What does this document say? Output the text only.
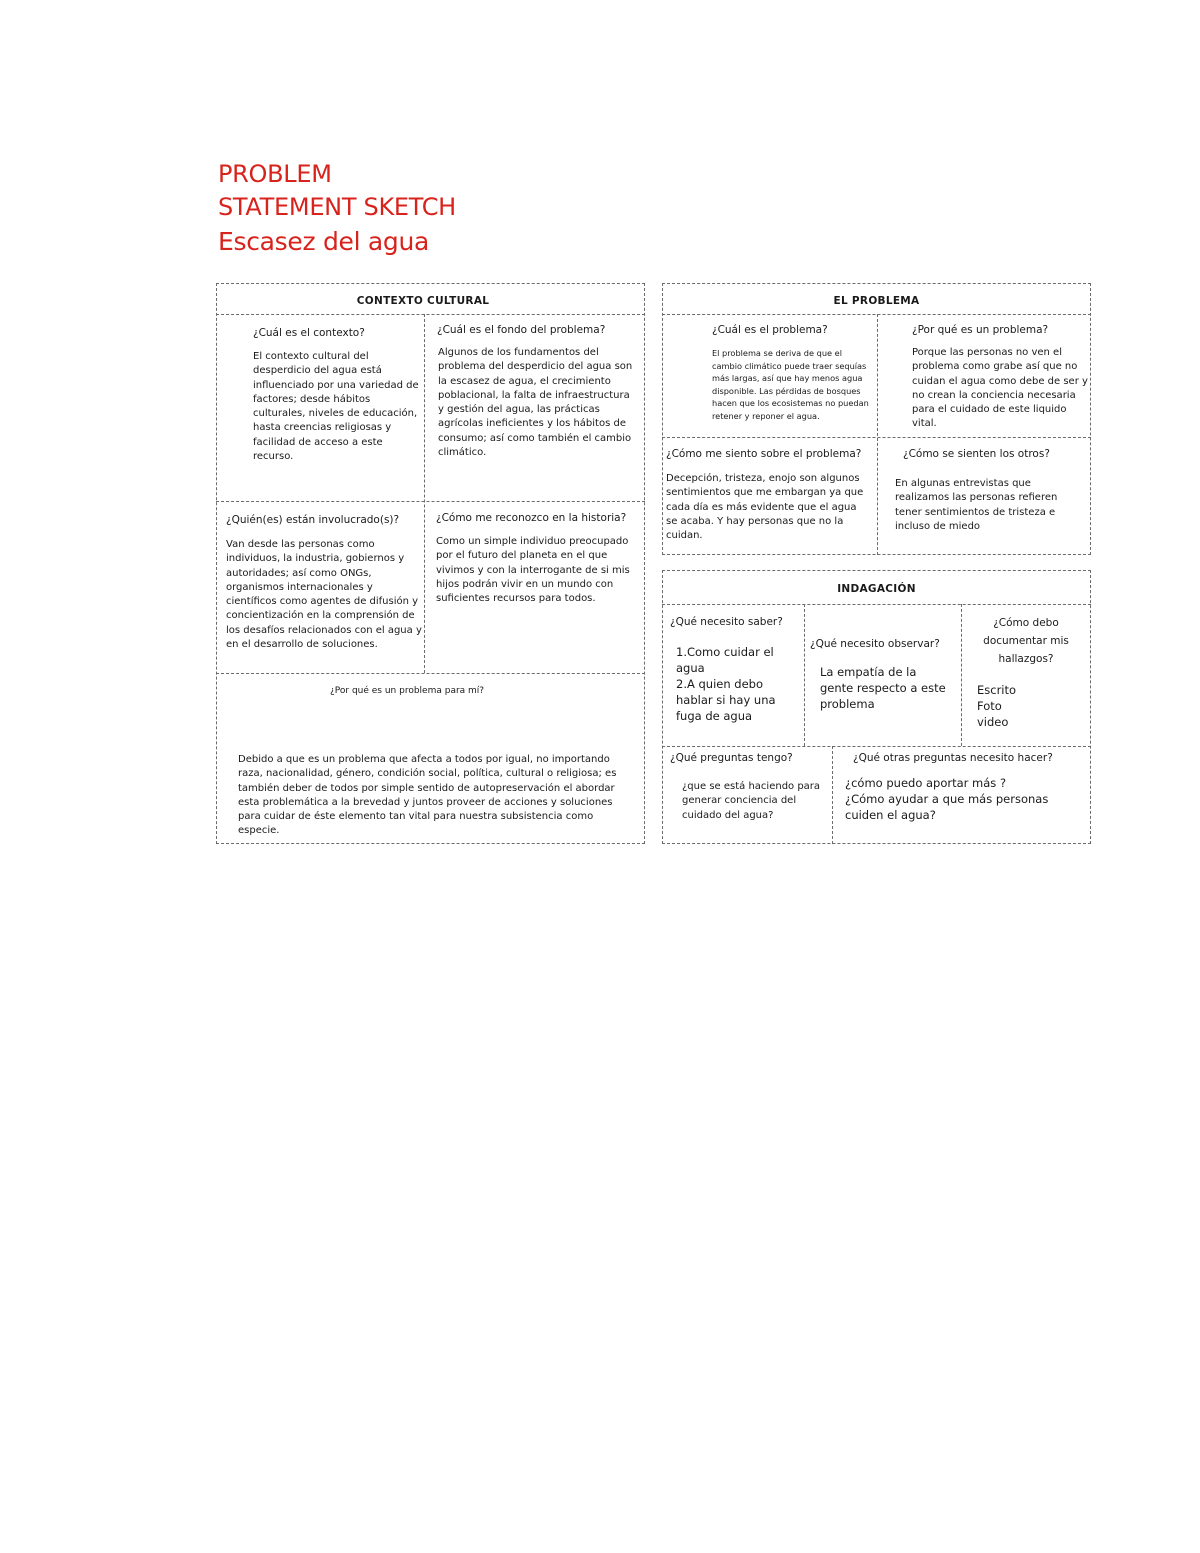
PROBLEM
STATEMENT SKETCH
Escasez del agua
CONTEXTO CULTURAL
¿Cuál es el contexto?
El contexto cultural del desperdicio del agua está influenciado por una variedad de factores; desde hábitos culturales, niveles de educación, hasta creencias religiosas y facilidad de acceso a este recurso.
¿Cuál es el fondo del problema?
Algunos de los fundamentos del problema del desperdicio del agua son la escasez de agua, el crecimiento poblacional, la falta de infraestructura y gestión del agua, las prácticas agrícolas ineficientes y los hábitos de consumo; así como también el cambio climático.
¿Quién(es) están involucrado(s)?
Van desde las personas como individuos, la industria, gobiernos y autoridades; así como ONGs, organismos internacionales y científicos como agentes de difusión y concientización en la comprensión de los desafíos relacionados con el agua y en el desarrollo de soluciones.
¿Cómo me reconozco en la historia?
Como un simple individuo preocupado por el futuro del planeta en el que vivimos y con la interrogante de si mis hijos podrán vivir en un mundo con suficientes recursos para todos.
¿Por qué es un problema para mí?
Debido a que es un problema que afecta a todos por igual, no importando raza, nacionalidad, género, condición social, política, cultural o religiosa; es también deber de todos por simple sentido de autopreservación el abordar esta problemática a la brevedad y juntos proveer de acciones y soluciones para cuidar de éste elemento tan vital para nuestra subsistencia como especie.
EL PROBLEMA
¿Cuál es el problema?
El problema se deriva de que el cambio climático puede traer sequías más largas, así que hay menos agua disponible. Las pérdidas de bosques hacen que los ecosistemas no puedan retener y reponer el agua.
¿Por qué es un problema?
Porque las personas no ven el problema como grabe así que no cuidan el agua como debe de ser y no crean la conciencia necesaria para el cuidado de este liquido vital.
¿Cómo me siento sobre el problema?
Decepción, tristeza, enojo son algunos sentimientos que me embargan ya que cada día es más evidente que el agua se acaba. Y hay personas que no la cuidan.
¿Cómo se sienten los otros?
En algunas entrevistas que realizamos las personas refieren tener sentimientos de tristeza e incluso de miedo
INDAGACIÓN
¿Qué necesito saber?
1.Como cuidar el agua
2.A quien debo hablar si hay una fuga de agua
¿Qué necesito observar?
La empatía de la gente respecto a este problema
¿Cómo debo documentar mis hallazgos?
Escrito
Foto
video
¿Qué preguntas tengo?
¿que se está haciendo para generar conciencia del cuidado del agua?
¿Qué otras preguntas necesito hacer?
¿cómo puedo aportar más ?
¿Cómo ayudar a que más personas cuiden el agua?
